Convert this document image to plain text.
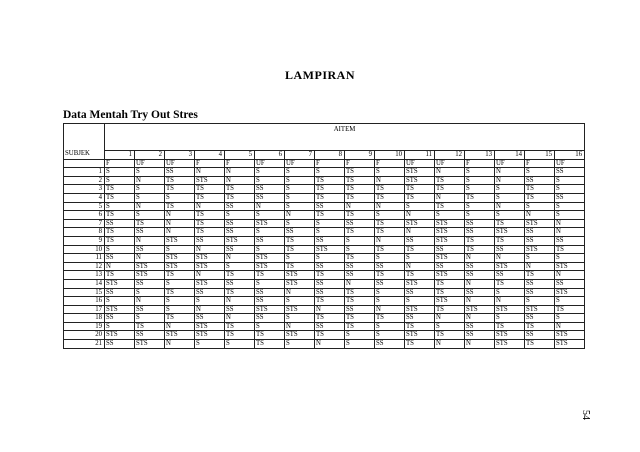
LAMPIRAN
Data Mentah Try Out Stres
SUBJEK	AITEM															
	1	2	3	4	5	6	7	8	9	10	11	12	13	14	15	16
	F	UF	UF	F	F	UF	UF	F	F	F	UF	UF	F	UF	F	UF
1	S	S	SS	N	N	S	S	S	TS	S	STS	N	S	N	S	SS
2	S	N	TS	STS	N	S	S	TS	TS	N	STS	TS	S	N	SS	S
3	TS	S	TS	TS	TS	SS	S	TS	TS	TS	TS	TS	S	S	TS	S
4	TS	S	S	TS	TS	SS	S	TS	TS	TS	TS	N	TS	S	TS	SS
5	S	N	TS	N	SS	N	S	SS	N	N	S	TS	S	N	S	S
6	TS	S	N	TS	S	S	N	TS	TS	S	N	S	S	S	N	S
7	SS	TS	N	TS	SS	STS	S	S	SS	TS	STS	STS	SS	TS	STS	N
8	TS	SS	N	TS	SS	S	SS	S	TS	TS	N	STS	SS	STS	SS	N
9	TS	N	STS	SS	STS	SS	TS	SS	S	N	SS	STS	TS	TS	SS	SS
10	S	SS	S	N	SS	S	TS	STS	S	TS	TS	SS	TS	SS	STS	TS
11	SS	N	STS	STS	N	STS	S	S	TS	S	S	STS	N	N	S	S
12	N	STS	STS	STS	S	STS	TS	SS	SS	SS	N	SS	SS	STS	N	STS
13	TS	STS	TS	N	TS	TS	STS	TS	SS	TS	TS	STS	SS	SS	TS	N
14	STS	SS	S	STS	SS	S	STS	SS	N	SS	STS	TS	N	TS	SS	SS
15	SS	S	TS	SS	TS	SS	N	SS	TS	S	SS	TS	SS	S	SS	STS
16	S	N	S	S	N	SS	S	TS	TS	S	S	STS	N	N	S	S
17	STS	SS	S	N	SS	STS	STS	N	SS	N	STS	TS	STS	STS	STS	TS
18	SS	S	TS	SS	N	SS	S	TS	TS	TS	SS	N	N	S	SS	S
19	S	TS	N	STS	TS	S	N	SS	TS	S	TS	S	SS	TS	TS	N
20	STS	SS	STS	STS	TS	TS	STS	TS	S	S	STS	TS	SS	STS	SS	STS
21	SS	STS	N	S	S	TS	S	N	S	SS	TS	N	N	STS	TS	STS
54
